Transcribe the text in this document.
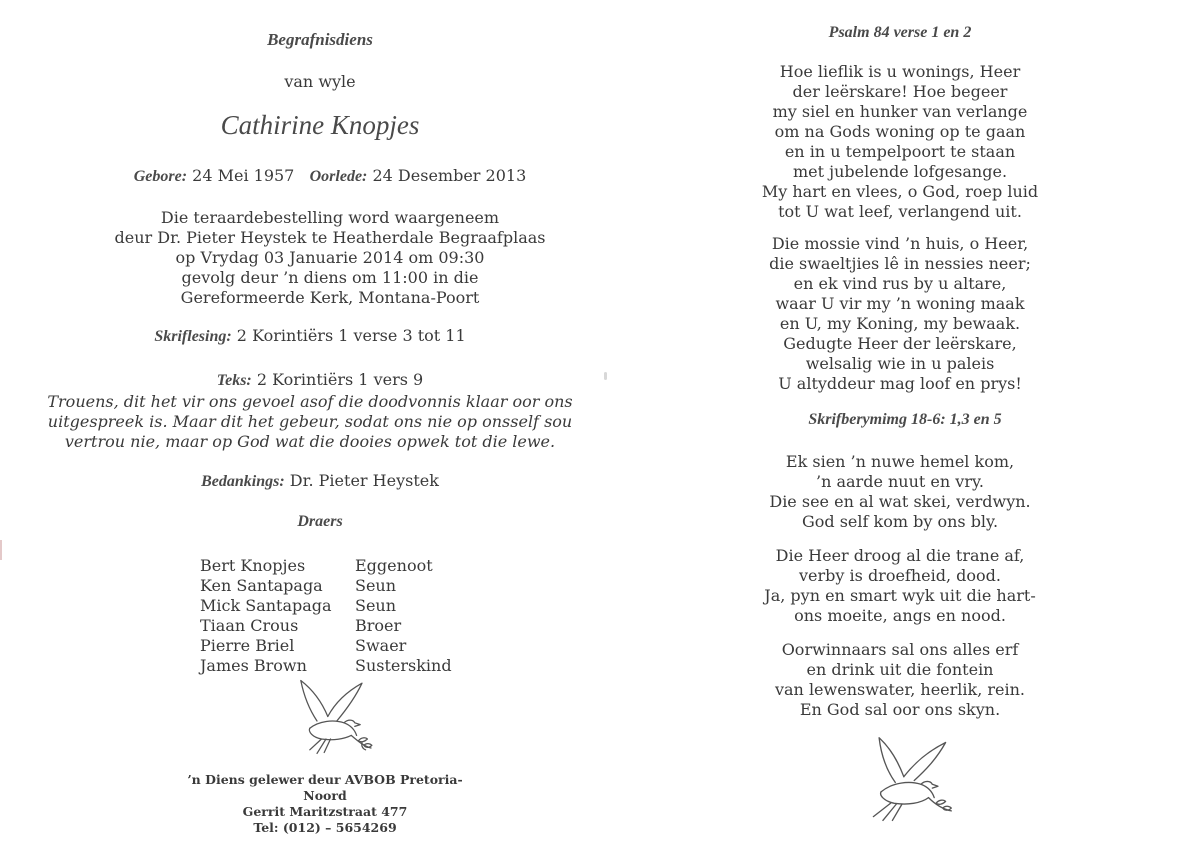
Begrafnisdiens
van wyle
Cathirine Knopjes
Gebore: 24 Mei 1957 Oorlede: 24 Desember 2013
Die teraardebestelling word waargeneem
deur Dr. Pieter Heystek te Heatherdale Begraafplaas
op Vrydag 03 Januarie 2014 om 09:30
gevolg deur ’n diens om 11:00 in die
Gereformeerde Kerk, Montana-Poort
Skriflesing: 2 Korintiërs 1 verse 3 tot 11
Teks: 2 Korintiërs 1 vers 9
Trouens, dit het vir ons gevoel asof die doodvonnis klaar oor ons
uitgespreek is. Maar dit het gebeur, sodat ons nie op onsself sou
vertrou nie, maar op God wat die dooies opwek tot die lewe.
Bedankings: Dr. Pieter Heystek
Draers
Bert Knopjes	Eggenoot
Ken Santapaga	Seun
Mick Santapaga	Seun
Tiaan Crous	Broer
Pierre Briel	Swaer
James Brown	Susterskind
’n Diens gelewer deur AVBOB Pretoria-Noord
Gerrit Maritzstraat 477
Tel: (012) – 5654269
Psalm 84 verse 1 en 2
Hoe lieflik is u wonings, Heer
der leërskare! Hoe begeer
my siel en hunker van verlange
om na Gods woning op te gaan
en in u tempelpoort te staan
met jubelende lofgesange.
My hart en vlees, o God, roep luid
tot U wat leef, verlangend uit.
Die mossie vind ’n huis, o Heer,
die swaeltjies lê in nessies neer;
en ek vind rus by u altare,
waar U vir my ’n woning maak
en U, my Koning, my bewaak.
Gedugte Heer der leërskare,
welsalig wie in u paleis
U altyddeur mag loof en prys!
Skrifberymimg 18-6: 1,3 en 5
Ek sien ’n nuwe hemel kom,
’n aarde nuut en vry.
Die see en al wat skei, verdwyn.
God self kom by ons bly.
Die Heer droog al die trane af,
verby is droefheid, dood.
Ja, pyn en smart wyk uit die hart-
ons moeite, angs en nood.
Oorwinnaars sal ons alles erf
en drink uit die fontein
van lewenswater, heerlik, rein.
En God sal oor ons skyn.
